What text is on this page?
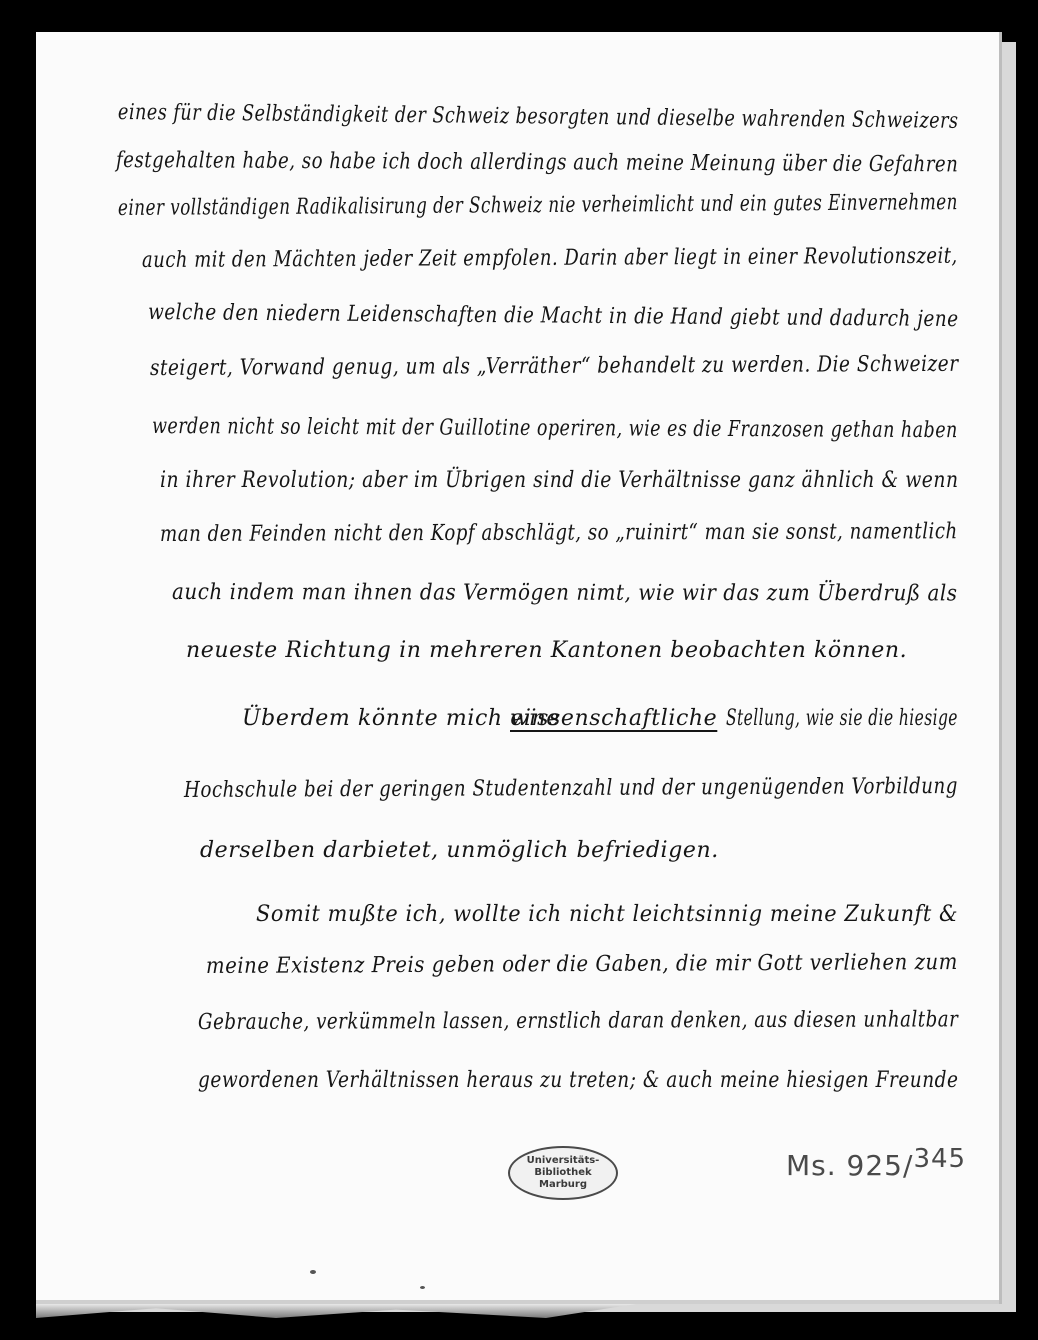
eines für die Selbständigkeit der Schweiz besorgten und dieselbe wahrenden Schweizers
festgehalten habe, so habe ich doch allerdings auch meine Meinung über die Gefahren
einer vollständigen Radikalisirung der Schweiz nie verheimlicht und ein gutes Einvernehmen
auch mit den Mächten jeder Zeit empfolen. Darin aber liegt in einer Revolutionszeit,
welche den niedern Leidenschaften die Macht in die Hand giebt und dadurch jene
steigert, Vorwand genug, um als „Verräther“ behandelt zu werden. Die Schweizer
werden nicht so leicht mit der Guillotine operiren, wie es die Franzosen gethan haben
in ihrer Revolution; aber im Übrigen sind die Verhältnisse ganz ähnlich & wenn
man den Feinden nicht den Kopf abschlägt, so „ruinirt“ man sie sonst, namentlich
auch indem man ihnen das Vermögen nimt, wie wir das zum Überdruß als
neueste Richtung in mehreren Kantonen beobachten können.
Überdem könnte mich eine
wissenschaftliche Stellung, wie sie die hiesige
Hochschule bei der geringen Studentenzahl und der ungenügenden Vorbildung
derselben darbietet, unmöglich befriedigen.
Somit mußte ich, wollte ich nicht leichtsinnig meine Zukunft &
meine Existenz Preis geben oder die Gaben, die mir Gott verliehen zum
Gebrauche, verkümmeln lassen, ernstlich daran denken, aus diesen unhaltbar
gewordenen Verhältnissen heraus zu treten; & auch meine hiesigen Freunde
Universitäts-
Bibliothek
Marburg
Ms. 925/$^{345}$
